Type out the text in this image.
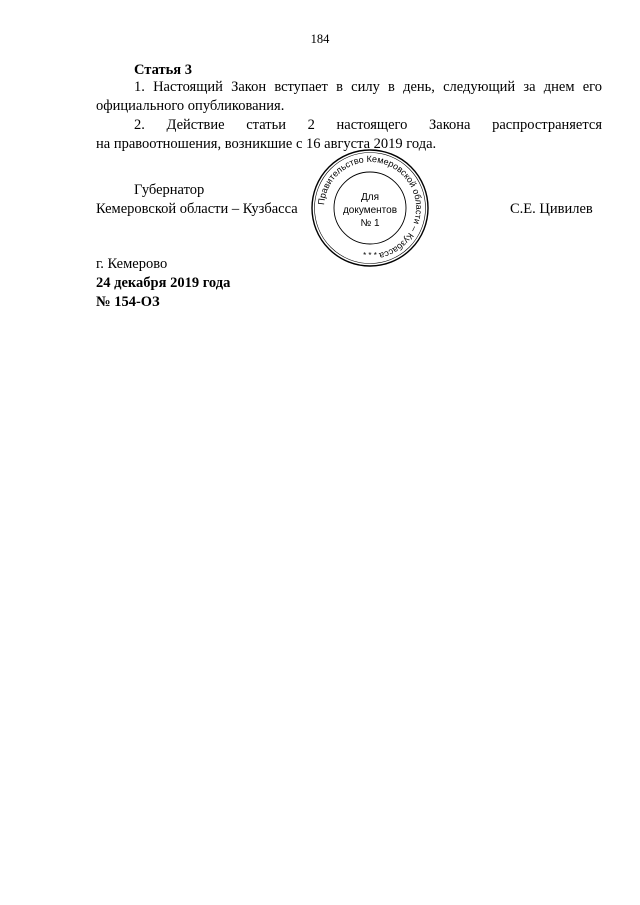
184
Статья 3
1. Настоящий Закон вступает в силу в день, следующий за днем его
официального опубликования.
2. Действие статьи 2 настоящего Закона распространяется
на правоотношения, возникшие с 16 августа 2019 года.
Губернатор
Кемеровской области – Кузбасса	С.Е. Цивилев
Правительство Кемеровской области – Кузбасса
Для
документов
№ 1
* * *
г. Кемерово
24 декабря 2019 года
№ 154-ОЗ
